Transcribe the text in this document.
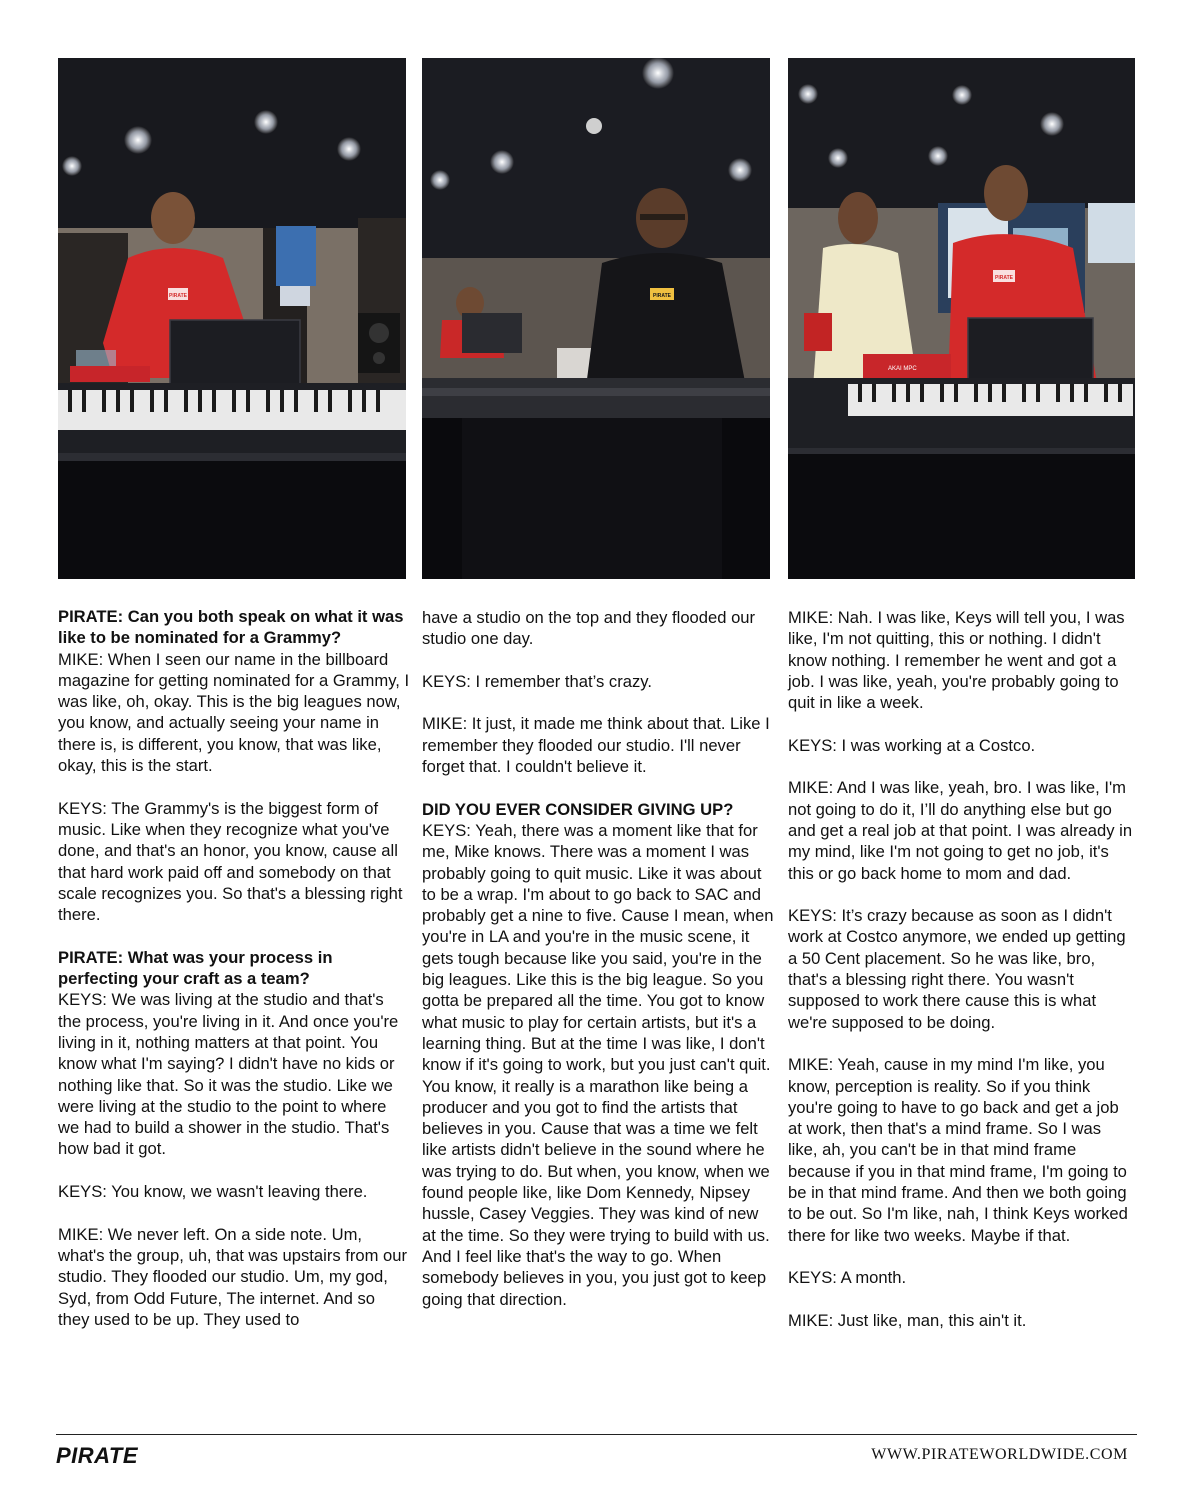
PIRATE	PIRATE
PIRATE
AKAI MPC

PIRATE: Can you both speak on what it was like to be nominated for a Grammy?

MIKE: When I seen our name in the billboard magazine for getting nominated for a Grammy, I was like, oh, okay. This is the big leagues now, you know, and actually seeing your name in there is, is different, you know, that was like, okay, this is the start.

KEYS: The Grammy's is the biggest form of music. Like when they recognize what you've done, and that's an honor, you know, cause all that hard work paid off and somebody on that scale recognizes you. So that's a blessing right there.

PIRATE: What was your process in perfecting your craft as a team?

KEYS: We was living at the studio and that's the process, you're living in it. And once you're living in it, nothing matters at that point. You know what I'm saying? I didn't have no kids or nothing like that. So it was the studio. Like we were living at the studio to the point to where we had to build a shower in the studio. That's how bad it got.

KEYS: You know, we wasn't leaving there.

MIKE: We never left. On a side note. Um, what's the group, uh, that was upstairs from our studio. They flooded our studio. Um, my god, Syd, from Odd Future, The internet. And so they used to be up. They used to

have a studio on the top and they flooded our studio one day.

KEYS: I remember that’s crazy.

MIKE: It just, it made me think about that. Like I remember they flooded our studio. I'll never forget that. I couldn't believe it.

DID YOU EVER CONSIDER GIVING UP?

KEYS: Yeah, there was a moment like that for me, Mike knows. There was a moment I was probably going to quit music. Like it was about to be a wrap. I'm about to go back to SAC and probably get a nine to five. Cause I mean, when you're in LA and you're in the music scene, it gets tough because like you said, you're in the big leagues. Like this is the big league. So you gotta be prepared all the time. You got to know what music to play for certain artists, but it's a learning thing. But at the time I was like, I don't know if it's going to work, but you just can't quit. You know, it really is a marathon like being a producer and you got to find the artists that believes in you. Cause that was a time we felt like artists didn't believe in the sound where he was trying to do. But when, you know, when we found people like, like Dom Kennedy, Nipsey hussle, Casey Veggies. They was kind of new at the time. So they were trying to build with us. And I feel like that's the way to go. When somebody believes in you, you just got to keep going that direction.

MIKE: Nah. I was like, Keys will tell you, I was like, I'm not quitting, this or nothing. I didn't know nothing. I remember he went and got a job. I was like, yeah, you're probably going to quit in like a week.

KEYS: I was working at a Costco.

MIKE: And I was like, yeah, bro. I was like, I'm not going to do it, I’ll do anything else but go and get a real job at that point. I was already in my mind, like I'm not going to get no job, it's this or go back home to mom and dad.

KEYS: It’s crazy because as soon as I didn't work at Costco anymore, we ended up getting a 50 Cent placement. So he was like, bro, that's a blessing right there. You wasn't supposed to work there cause this is what we're supposed to be doing.

MIKE: Yeah, cause in my mind I'm like, you know, perception is reality. So if you think you're going to have to go back and get a job at work, then that's a mind frame. So I was like, ah, you can't be in that mind frame because if you in that mind frame, I'm going to be in that mind frame. And then we both going to be out. So I'm like, nah, I think Keys worked there for like two weeks. Maybe if that.

KEYS: A month.

MIKE: Just like, man, this ain't it.

PIRATE	WWW.PIRATEWORLDWIDE.COM
